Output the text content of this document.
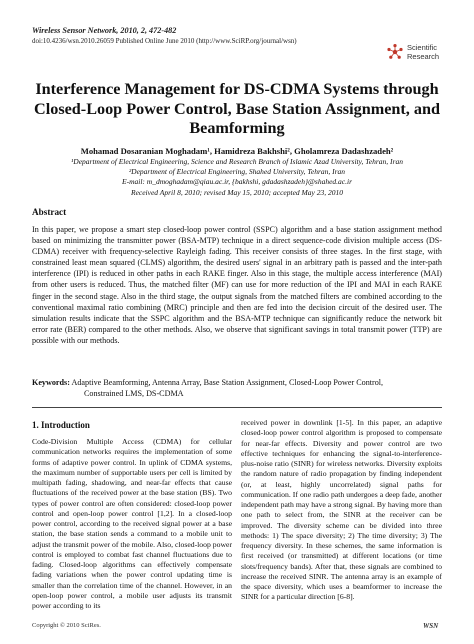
Wireless Sensor Network, 2010, 2, 472-482
doi:10.4236/wsn.2010.26059 Published Online June 2010 (http://www.SciRP.org/journal/wsn)
Scientific
Research
Interference Management for DS-CDMA Systems through Closed-Loop Power Control, Base Station Assignment, and Beamforming
Mohamad Dosaranian Moghadam¹, Hamidreza Bakhshi², Gholamreza Dadashzadeh²
¹Department of Electrical Engineering, Science and Research Branch of Islamic Azad University, Tehran, Iran
²Department of Electrical Engineering, Shahed University, Tehran, Iran
E-mail: m_dmoghadam@qiau.ac.ir, {bakhshi, gdadashzadeh}@shahed.ac.ir
Received April 8, 2010; revised May 15, 2010; accepted May 23, 2010
Abstract
In this paper, we propose a smart step closed-loop power control (SSPC) algorithm and a base station assignment method based on minimizing the transmitter power (BSA-MTP) technique in a direct sequence-code division multiple access (DS-CDMA) receiver with frequency-selective Rayleigh fading. This receiver consists of three stages. In the first stage, with constrained least mean squared (CLMS) algorithm, the desired users' signal in an arbitrary path is passed and the inter-path interference (IPI) is reduced in other paths in each RAKE finger. Also in this stage, the multiple access interference (MAI) from other users is reduced. Thus, the matched filter (MF) can use for more reduction of the IPI and MAI in each RAKE finger in the second stage. Also in the third stage, the output signals from the matched filters are combined according to the conventional maximal ratio combining (MRC) principle and then are fed into the decision circuit of the desired user. The simulation results indicate that the SSPC algorithm and the BSA-MTP technique can significantly reduce the network bit error rate (BER) compared to the other methods. Also, we observe that significant savings in total transmit power (TTP) are possible with our methods.
Keywords: Adaptive Beamforming, Antenna Array, Base Station Assignment, Closed-Loop Power Control,
Constrained LMS, DS-CDMA
1. Introduction
Code-Division Multiple Access (CDMA) for cellular communication networks requires the implementation of some forms of adaptive power control. In uplink of CDMA systems, the maximum number of supportable users per cell is limited by multipath fading, shadowing, and near-far effects that cause fluctuations of the received power at the base station (BS). Two types of power control are often considered: closed-loop power control and open-loop power control [1,2]. In a closed-loop power control, according to the received signal power at a base station, the base station sends a command to a mobile unit to adjust the transmit power of the mobile. Also, closed-loop power control is employed to combat fast channel fluctuations due to fading. Closed-loop algorithms can effectively compensate fading variations when the power control updating time is smaller than the correlation time of the channel. However, in an open-loop power control, a mobile user adjusts its transmit power according to its
received power in downlink [1-5]. In this paper, an adaptive closed-loop power control algorithm is proposed to compensate for near-far effects. Diversity and power control are two effective techniques for enhancing the signal-to-interference-plus-noise ratio (SINR) for wireless networks. Diversity exploits the random nature of radio propagation by finding independent (or, at least, highly uncorrelated) signal paths for communication. If one radio path undergoes a deep fade, another independent path may have a strong signal. By having more than one path to select from, the SINR at the receiver can be improved. The diversity scheme can be divided into three methods: 1) The space diversity; 2) The time diversity; 3) The frequency diversity. In these schemes, the same information is first received (or transmitted) at different locations (or time slots/frequency bands). After that, these signals are combined to increase the received SINR. The antenna array is an example of the space diversity, which uses a beamformer to increase the SINR for a particular direction [6-8].
Copyright © 2010 SciRes.	WSN
